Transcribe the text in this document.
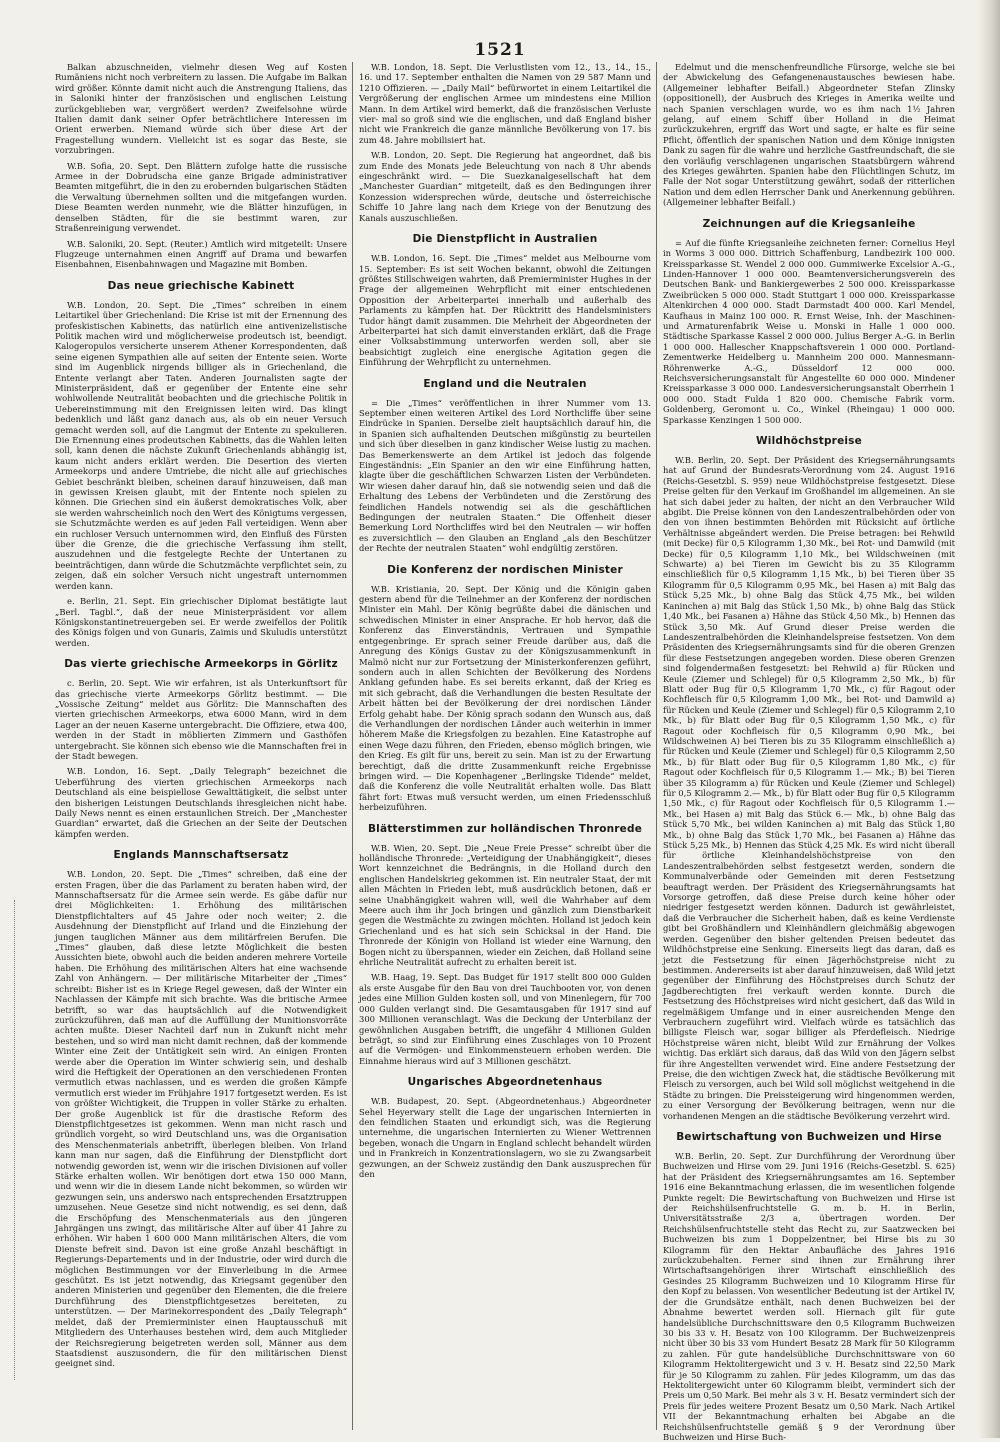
1521

Balkan abzuschneiden, vielmehr diesen Weg auf Kosten Rumäniens nicht noch verbreitern zu lassen. Die Aufgabe im Balkan wird größer. Könnte damit nicht auch die Anstrengung Italiens, das in Saloniki hinter der französischen und englischen Leistung zurückgeblieben war, vergrößert werden? Zweifelsohne würde Italien damit dank seiner Opfer beträchtlichere Interessen im Orient erwerben. Niemand würde sich über diese Art der Fragestellung wundern. Vielleicht ist es sogar das Beste, sie vorzubringen.

W.B. Sofia, 20. Sept. Den Blättern zufolge hatte die russische Armee in der Dobrudscha eine ganze Brigade administrativer Beamten mitgeführt, die in den zu erobernden bulgarischen Städten die Verwaltung übernehmen sollten und die mitgefangen wurden. Diese Beamten werden nunmehr, wie die Blätter hinzufügen, in denselben Städten, für die sie bestimmt waren, zur Straßenreinigung verwendet.

W.B. Saloniki, 20. Sept. (Reuter.) Amtlich wird mitgeteilt: Unsere Flugzeuge unternahmen einen Angriff auf Drama und bewarfen Eisenbahnen, Eisenbahnwagen und Magazine mit Bomben.

Das neue griechische Kabinett

W.B. London, 20. Sept. Die „Times“ schreiben in einem Leitartikel über Griechenland: Die Krise ist mit der Ernennung des profeskistischen Kabinetts, das natürlich eine antivenizelistische Politik machen wird und möglicherweise prodeutsch ist, beendigt. Kalogeropulos versicherte unserem Athener Korrespondenten, daß seine eigenen Sympathien alle auf seiten der Entente seien. Worte sind im Augenblick nirgends billiger als in Griechenland, die Entente verlangt aber Taten. Anderen Journalisten sagte der Ministerpräsident, daß er gegenüber der Entente eine sehr wohlwollende Neutralität beobachten und die griechische Politik in Uebereinstimmung mit den Ereignissen leiten wird. Das klingt bedenklich und läßt ganz danach aus, als ob ein neuer Versuch gemacht werden soll, auf die Langmut der Entente zu spekulieren. Die Ernennung eines prodeutschen Kabinetts, das die Wahlen leiten soll, kann denen die nächste Zukunft Griechenlands abhängig ist, kaum nicht anders erklärt werden. Die Desertion des vierten Armeekorps und andere Umtriebe, die nicht alle auf griechisches Gebiet beschränkt bleiben, scheinen darauf hinzuweisen, daß man in gewissen Kreisen glaubt, mit der Entente noch spielen zu können. Die Griechen sind ein äußerst demokratisches Volk, aber sie werden wahrscheinlich noch den Wert des Königtums vergessen, sie Schutzmächte werden es auf jeden Fall verteidigen. Wenn aber ein ruchloser Versuch unternommen wird, den Einfluß des Fürsten über die Grenze, die die griechische Verfassung ihm stellt, auszudehnen und die festgelegte Rechte der Untertanen zu beeinträchtigen, dann würde die Schutzmächte verpflichtet sein, zu zeigen, daß ein solcher Versuch nicht ungestraft unternommen werden kann.

e. Berlin, 21. Sept. Ein griechischer Diplomat bestätigte laut „Berl. Tagbl.“, daß der neue Ministerpräsident vor allem Königskonstantinetreuergeben sei. Er werde zweifellos der Politik des Königs folgen und von Gunaris, Zaimis und Skuludis unterstützt werden.

Das vierte griechische Armeekorps in Görlitz

c. Berlin, 20. Sept. Wie wir erfahren, ist als Unterkunftsort für das griechische vierte Armeekorps Görlitz bestimmt. — Die „Vossische Zeitung“ meldet aus Görlitz: Die Mannschaften des vierten griechischen Armeekorps, etwa 6000 Mann, wird in dem Lager an der neuen Kaserne untergebracht. Die Offiziere, etwa 400, werden in der Stadt in möblierten Zimmern und Gasthöfen untergebracht. Sie können sich ebenso wie die Mannschaften frei in der Stadt bewegen.

W.B. London, 16. Sept. „Daily Telegraph“ bezeichnet die Ueberführung des vierten griechischen Armeekorps nach Deutschland als eine beispiellose Gewalttätigkeit, die selbst unter den bisherigen Leistungen Deutschlands ihresgleichen nicht habe. Daily News nennt es einen erstaunlichen Streich. Der „Manchester Guardian“ erwartet, daß die Griechen an der Seite der Deutschen kämpfen werden.

Englands Mannschaftsersatz

W.B. London, 20. Sept. Die „Times“ schreiben, daß eine der ersten Fragen, über die das Parlament zu beraten haben wird, der Mannschaftsersatz für die Armee sein werde. Es gäbe dafür nur drei Möglichkeiten: 1. Erhöhung des militärischen Dienstpflichtalters auf 45 Jahre oder noch weiter; 2. die Ausdehnung der Dienstpflicht auf Irland und die Einziehung der jungen tauglichen Männer aus dem militärfreien Berufen. Die „Times“ glauben, daß diese letzte Möglichkeit die besten Aussichten biete, obwohl auch die beiden anderen mehrere Vorteile haben. Die Erhöhung des militärischen Alters hat eine wachsende Zahl von Anhängern. — Der militärische Mitarbeiter der „Times“ schreibt: Bisher ist es in Kriege Regel gewesen, daß der Winter ein Nachlassen der Kämpfe mit sich brachte. Was die britische Armee betrifft, so war das hauptsächlich auf die Notwendigkeit zurückzuführen, daß man auf die Auffüllung der Munitionsvorräte achten mußte. Dieser Nachteil darf nun in Zukunft nicht mehr bestehen, und so wird man nicht damit rechnen, daß der kommende Winter eine Zeit der Untätigkeit sein wird. An einigen Fronten werde aber die Operation im Winter schwierig sein, und deshalb wird die Heftigkeit der Operationen an den verschiedenen Fronten vermutlich etwas nachlassen, und es werden die großen Kämpfe vermutlich erst wieder im Frühjahre 1917 fortgesetzt werden. Es ist von größter Wichtigkeit, die Truppen in voller Stärke zu erhalten. Der große Augenblick ist für die drastische Reform des Dienstpflichtgesetzes ist gekommen. Wenn man nicht rasch und gründlich vorgeht, so wird Deutschland uns, was die Organisation des Menschenmaterials anbetrifft, überlegen bleiben. Von Irland kann man nur sagen, daß die Einführung der Dienstpflicht dort notwendig geworden ist, wenn wir die irischen Divisionen auf voller Stärke erhalten wollen. Wir benötigen dort etwa 150 000 Mann, und wenn wir die in diesem Lande nicht bekommen, so würden wir gezwungen sein, uns anderswo nach entsprechenden Ersatztruppen umzusehen. Neue Gesetze sind nicht notwendig, es sei denn, daß die Erschöpfung des Menschenmaterials aus den jüngeren Jahrgängen uns zwingt, das militärische Alter auf über 41 Jahre zu erhöhen. Wir haben 1 600 000 Mann militärischen Alters, die vom Dienste befreit sind. Davon ist eine große Anzahl beschäftigt in Regierungs-Departements und in der Industrie, oder wird durch die möglichen Bestimmungen vor der Einverleibung in die Armee geschützt. Es ist jetzt notwendig, das Kriegsamt gegenüber den anderen Ministerien und gegenüber den Elementen, die die freiere Durchführung des Dienstpflichtgesetzes bereiteten, zu unterstützen. — Der Marinekorrespondent des „Daily Telegraph“ meldet, daß der Premierminister einen Hauptausschuß mit Mitgliedern des Unterhauses bestehen wird, dem auch Mitglieder der Reichsregierung beigetreten werden soll, Männer aus dem Staatsdienst auszusondern, die für den militärischen Dienst geeignet sind.

W.B. London, 18. Sept. Die Verlustlisten vom 12., 13., 14., 15., 16. und 17. September enthalten die Namen von 29 587 Mann und 1210 Offizieren. — „Daily Mail“ befürwortet in einem Leitartikel die Vergrößerung der englischen Armee um mindestens eine Million Mann. In dem Artikel wird bemerkt, daß die französischen Verluste vier- mal so groß sind wie die englischen, und daß England bisher nicht wie Frankreich die ganze männliche Bevölkerung von 17. bis zum 48. Jahre mobilisiert hat.

W.B. London, 20. Sept. Die Regierung hat angeordnet, daß bis zum Ende des Monats jede Beleuchtung von nach 8 Uhr abends eingeschränkt wird. — Die Suezkanalgesellschaft hat dem „Manchester Guardian“ mitgeteilt, daß es den Bedingungen ihrer Konzession widersprechen würde, deutsche und österreichische Schiffe 10 Jahre lang nach dem Kriege von der Benutzung des Kanals auszuschließen.

Die Dienstpflicht in Australien

W.B. London, 16. Sept. Die „Times“ meldet aus Melbourne vom 15. September: Es ist seit Wochen bekannt, obwohl die Zeitungen größtes Stillschweigen wahrten, daß Premierminister Hughes in der Frage der allgemeinen Wehrpflicht mit einer entschiedenen Opposition der Arbeiterpartei innerhalb und außerhalb des Parlaments zu kämpfen hat. Der Rücktritt des Handelsministers Tudor hängt damit zusammen. Die Mehrheit der Abgeordneten der Arbeiterpartei hat sich damit einverstanden erklärt, daß die Frage einer Volksabstimmung unterworfen werden soll, aber sie beabsichtigt zugleich eine energische Agitation gegen die Einführung der Wehrpflicht zu unternehmen.

England und die Neutralen

= Die „Times“ veröffentlichen in ihrer Nummer vom 13. September einen weiteren Artikel des Lord Northcliffe über seine Eindrücke in Spanien. Derselbe zielt hauptsächlich darauf hin, die in Spanien sich aufhaltenden Deutschen mißgünstig zu beurteilen und sich über dieselben in ganz kindischer Weise lustig zu machen. Das Bemerkenswerte an dem Artikel ist jedoch das folgende Eingeständnis: „Ein Spanier an den wir eine Einführung hatten, klagte über die geschäftlichen Schwarzen Listen der Verbündeten. Wir wiesen daher darauf hin, daß sie notwendig seien und daß die Erhaltung des Lebens der Verbündeten und die Zerstörung des feindlichen Handels notwendig sei als die geschäftlichen Bedingungen der neutralen Staaten.“ Die Offenheit dieser Bemerkung Lord Northcliffes wird bei den Neutralen — wir hoffen es zuversichtlich — den Glauben an England „als den Beschützer der Rechte der neutralen Staaten“ wohl endgültig zerstören.

Die Konferenz der nordischen Minister

W.B. Kristiania, 20. Sept. Der König und die Königin gaben gestern abend für die Teilnehmer an der Konferenz der nordischen Minister ein Mahl. Der König begrüßte dabei die dänischen und schwedischen Minister in einer Ansprache. Er hob hervor, daß die Konferenz das Einverständnis, Vertrauen und Sympathie entgegenbringe. Er sprach seiner Freude darüber aus, daß die Anregung des Königs Gustav zu der Königszusammenkunft in Malmö nicht nur zur Fortsetzung der Ministerkonferenzen geführt, sondern auch in allen Schichten der Bevölkerung des Nordens Anklang gefunden habe. Es sei bereits erkannt, daß der Krieg es mit sich gebracht, daß die Verhandlungen die besten Resultate der Arbeit hätten bei der Bevölkerung der drei nordischen Länder Erfolg gehabt habe. Der König sprach sodann den Wunsch aus, daß die Verhandlungen der nordischen Länder auch weiterhin in immer höherem Maße die Kriegsfolgen zu bezahlen. Eine Katastrophe auf einen Wege dazu führen, den Frieden, ebenso möglich bringen, wie den Krieg. Es gilt für uns, bereit zu sein. Man ist zu der Erwartung berechtigt, daß die dritte Zusammenkunft reiche Ergebnisse bringen wird. — Die Kopenhagener „Berlingske Tidende“ meldet, daß die Konferenz die volle Neutralität erhalten wolle. Das Blatt fährt fort: Etwas muß versucht werden, um einen Friedensschluß herbeizuführen.

Blätterstimmen zur holländischen Thronrede

W.B. Wien, 20. Sept. Die „Neue Freie Presse“ schreibt über die holländische Thronrede: „Verteidigung der Unabhängigkeit“, dieses Wort kennzeichnet die Bedrängnis, in die Holland durch den englischen Handelskrieg gekommen ist. Ein neutraler Staat, der mit allen Mächten in Frieden lebt, muß ausdrücklich betonen, daß er seine Unabhängigkeit wahren will, weil die Wahrhaber auf dem Meere auch ihm ihr Joch bringen und gänzlich zum Dienstbarkeit gegen die Westmächte zu zwingen möchten. Holland ist jedoch kein Griechenland und es hat sich sein Schicksal in der Hand. Die Thronrede der Königin von Holland ist wieder eine Warnung, den Bogen nicht zu überspannen, wieder ein Zeichen, daß Holland seine ehrliche Neutralität aufrecht zu erhalten bereit ist.

W.B. Haag, 19. Sept. Das Budget für 1917 stellt 800 000 Gulden als erste Ausgabe für den Bau von drei Tauchbooten vor, von denen jedes eine Million Gulden kosten soll, und von Minenlegern, für 700 000 Gulden verlangt sind. Die Gesamtausgaben für 1917 sind auf 300 Millionen veranschlagt. Was die Deckung der Unterbilanz der gewöhnlichen Ausgaben betrifft, die ungefähr 4 Millionen Gulden beträgt, so sind zur Einführung eines Zuschlages von 10 Prozent auf die Vermögen- und Einkommensteuern erhoben werden. Die Einnahme hieraus wird auf 3 Millionen geschätzt.

Ungarisches Abgeordnetenhaus

W.B. Budapest, 20. Sept. (Abgeordnetenhaus.) Abgeordneter Sehel Heyerwary stellt die Lage der ungarischen Internierten in den feindlichen Staaten und erkundigt sich, was die Regierung unternehme, die ungarischen Internierten zu Wiener Wettrennen begeben, wonach die Ungarn in England schlecht behandelt würden und in Frankreich in Konzentrationslagern, wo sie zu Zwangsarbeit gezwungen, an der Schweiz zuständig den Dank auszusprechen für den

Edelmut und die menschenfreundliche Fürsorge, welche sie bei der Abwickelung des Gefangenenaustausches bewiesen habe. (Allgemeiner lebhafter Beifall.) Abgeordneter Stefan Zlinsky (oppositionell), der Ausbruch des Krieges in Amerika weilte und nach Spanien verschlagen wurde, wo es ihm nach 1½ Jahren gelang, auf einem Schiff über Holland in die Heimat zurückzukehren, ergriff das Wort und sagte, er halte es für seine Pflicht, öffentlich der spanischen Nation und dem Könige innigsten Dank zu sagen für die wahre und herzliche Gastfreundschaft, die sie den vorläufig verschlagenen ungarischen Staatsbürgern während des Krieges gewährten. Spanien habe den Flüchtlingen Schutz, im Falle der Not sogar Unterstützung gewährt, sodaß der ritterlichen Nation und dem edlen Herrscher Dank und Anerkennung gebühren. (Allgemeiner lebhafter Beifall.)

Zeichnungen auf die Kriegsanleihe

= Auf die fünfte Kriegsanleihe zeichneten ferner: Cornelius Heyl in Worms 3 000 000. Dittrich Schaffenburg, Landbezirk 100 000. Kreissparkasse St. Wendel 2 000 000. Gummiwerke Excelsior A.-G., Linden-Hannover 1 000 000. Beamtenversicherungsverein des Deutschen Bank- und Bankiergewerbes 2 500 000. Kreissparkasse Zweibrücken 5 000 000. Stadt Stuttgart 1 000 000. Kreissparkasse Altenkirchen 4 000 000. Stadt Darmstadt 400 000. Karl Mendel, Kaufhaus in Mainz 100 000. R. Ernst Weise, Inh. der Maschinen- und Armaturenfabrik Weise u. Monski in Halle 1 000 000. Städtische Sparkasse Kassel 2 000 000. Julius Berger A.-G. in Berlin 1 000 000. Hallescher Knappschaftsverein 1 000 000. Portland-Zementwerke Heidelberg u. Mannheim 200 000. Mannesmann-Röhrenwerke A.-G., Düsseldorf 12 000 000. Reichsversicherungsanstalt für Angestellte 60 000 000. Mindener Kreissparkasse 3 000 000. Landesversicherungsanstalt Oberrhein 1 000 000. Stadt Fulda 1 820 000. Chemische Fabrik vorm. Goldenberg, Geromont u. Co., Winkel (Rheingau) 1 000 000. Sparkasse Kenzingen 1 500 000.

Wildhöchstpreise

W.B. Berlin, 20. Sept. Der Präsident des Kriegsernährungsamts hat auf Grund der Bundesrats-Verordnung vom 24. August 1916 (Reichs-Gesetzbl. S. 959) neue Wildhöchstpreise festgesetzt. Diese Preise gelten für den Verkauf im Großhandel im allgemeinen. An sie hat sich dabei jeder zu halten, der nicht an den Verbraucher Wild abgibt. Die Preise können von den Landeszentralbehörden oder von den von ihnen bestimmten Behörden mit Rücksicht auf örtliche Verhältnisse abgeändert werden. Die Preise betragen: bei Rehwild (mit Decke) für 0,5 Kilogramm 1,30 Mk., bei Rot- und Damwild (mit Decke) für 0,5 Kilogramm 1,10 Mk., bei Wildschweinen (mit Schwarte) a) bei Tieren im Gewicht bis zu 35 Kilogramm einschließlich für 0,5 Kilogramm 1,15 Mk., b) bei Tieren über 35 Kilogramm für 0,5 Kilogramm 0,95 Mk., bei Hasen a) mit Balg das Stück 5,25 Mk., b) ohne Balg das Stück 4,75 Mk., bei wilden Kaninchen a) mit Balg das Stück 1,50 Mk., b) ohne Balg das Stück 1,40 Mk., bei Fasanen a) Hähne das Stück 4,50 Mk., b) Hennen das Stück 3,50 Mk. Auf Grund dieser Preise werden die Landeszentralbehörden die Kleinhandelspreise festsetzen. Von dem Präsidenten des Kriegsernährungsamts sind für die oberen Grenzen für diese Festsetzungen angegeben worden. Diese oberen Grenzen sind folgendermaßen festgesetzt: bei Rehwild a) für Rücken und Keule (Ziemer und Schlegel) für 0,5 Kilogramm 2,50 Mk., b) für Blatt oder Bug für 0,5 Kilogramm 1,70 Mk., c) für Ragout oder Kochfleisch für 0,5 Kilogramm 1,00 Mk., bei Rot- und Damwild a) für Rücken und Keule (Ziemer und Schlegel) für 0,5 Kilogramm 2,10 Mk., b) für Blatt oder Bug für 0,5 Kilogramm 1,50 Mk., c) für Ragout oder Kochfleisch für 0,5 Kilogramm 0,90 Mk., bei Wildschweinen A) bei Tieren bis zu 35 Kilogramm einschließlich a) für Rücken und Keule (Ziemer und Schlegel) für 0,5 Kilogramm 2,50 Mk., b) für Blatt oder Bug für 0,5 Kilogramm 1,80 Mk., c) für Ragout oder Kochfleisch für 0,5 Kilogramm 1.— Mk.; B) bei Tieren über 35 Kilogramm a) für Rücken und Keule (Ziemer und Schlegel) für 0,5 Kilogramm 2.— Mk., b) für Blatt oder Bug für 0,5 Kilogramm 1,50 Mk., c) für Ragout oder Kochfleisch für 0,5 Kilogramm 1.— Mk., bei Hasen a) mit Balg das Stück 6.— Mk., b) ohne Balg das Stück 5,70 Mk., bei wilden Kaninchen a) mit Balg das Stück 1,80 Mk., b) ohne Balg das Stück 1,70 Mk., bei Fasanen a) Hähne das Stück 5,25 Mk., b) Hennen das Stück 4,25 Mk. Es wird nicht überall für örtliche Kleinhandelshöchstpreise von den Landeszentralbehörden selbst festgesetzt werden, sondern die Kommunalverbände oder Gemeinden mit deren Festsetzung beauftragt werden. Der Präsident des Kriegsernährungsamts hat Vorsorge getroffen, daß diese Preise durch keine höher oder niedriger festgesetzt werden können. Dadurch ist gewährleistet, daß die Verbraucher die Sicherheit haben, daß es keine Verdienste gibt bei Großhändlern und Kleinhändlern gleichmäßig abgewogen werden. Gegenüber den bisher geltenden Preisen bedeutet das Wildhöchstpreise eine Senkung. Einerseits liegt das daran, daß es jetzt die Festsetzung für einen Jägerhöchstpreise nicht zu bestimmen. Andererseits ist aber darauf hinzuweisen, daß Wild jetzt gegenüber der Einführung des Höchstpreises durch Schutz der Jagdberechtigten frei verkauft werden konnte. Durch die Festsetzung des Höchstpreises wird nicht gesichert, daß das Wild in regelmäßigem Umfange und in einer ausreichenden Menge den Verbrauchern zugeführt wird. Vielfach würde es tatsächlich das billigste Fleisch war, sogar billiger als Pferdefleisch. Niedrige Höchstpreise wären nicht, bleibt Wild zur Ernährung der Volkes wichtig. Das erklärt sich daraus, daß das Wild von den Jägern selbst für ihre Angestellten verwendet wird. Eine andere Festsetzung der Preise, die den wichtigen Zweck hat, die städtische Bevölkerung mit Fleisch zu versorgen, auch bei Wild soll möglichst weitgehend in die Städte zu bringen. Die Preissteigerung wird hingenommen werden, zu einer Versorgung der Bevölkerung beitragen, wenn nur die vorhandenen Mengen an die städtische Bevölkerung verzehrt wird.

Bewirtschaftung von Buchweizen und Hirse

W.B. Berlin, 20. Sept. Zur Durchführung der Verordnung über Buchweizen und Hirse vom 29. Juni 1916 (Reichs-Gesetzbl. S. 625) hat der Präsident des Kriegsernährungsamtes am 16. September 1916 eine Bekanntmachung erlassen, die im wesentlichen folgende Punkte regelt: Die Bewirtschaftung von Buchweizen und Hirse ist der Reichshülsenfruchtstelle G. m. b. H. in Berlin, Universitätsstraße 2/3 a, übertragen worden. Der Reichshülsenfruchtstelle steht das Recht zu, zur Saatzwecken bei Buchweizen bis zum 1 Doppelzentner, bei Hirse bis zu 30 Kilogramm für den Hektar Anbaufläche des Jahres 1916 zurückzubehalten. Ferner sind ihnen zur Ernährung ihrer Wirtschaftsangehörigen ihrer Wirtschaft einschließlich des Gesindes 25 Kilogramm Buchweizen und 10 Kilogramm Hirse für den Kopf zu belassen. Von wesentlicher Bedeutung ist der Artikel IV, der die Grundsätze enthält, nach denen Buchweizen bei der Abnahme bewertet werden soll. Hiernach gilt für gute handelsübliche Durchschnittsware den 0,5 Kilogramm Buchweizen 30 bis 33 v. H. Besatz von 100 Kilogramm. Der Buchweizenpreis nicht über 30 bis 33 vom Hundert Besatz 28 Mark für 50 Kilogramm zu zahlen. Für gute handelsübliche Durchschnittsware von 60 Kilogramm Hektolitergewicht und 3 v. H. Besatz sind 22,50 Mark für je 50 Kilogramm zu zahlen. Für jedes Kilogramm, um das das Hektolitergewicht unter 60 Kilogramm bleibt, vermindert sich der Preis um 0,50 Mark. Bei mehr als 3 v. H. Besatz vermindert sich der Preis für jedes weitere Prozent Besatz um 0,50 Mark. Nach Artikel VII der Bekanntmachung erhalten bei Abgabe an die Reichshülsenfruchtstelle gemäß § 9 der Verordnung über Buchweizen und Hirse Buch-
